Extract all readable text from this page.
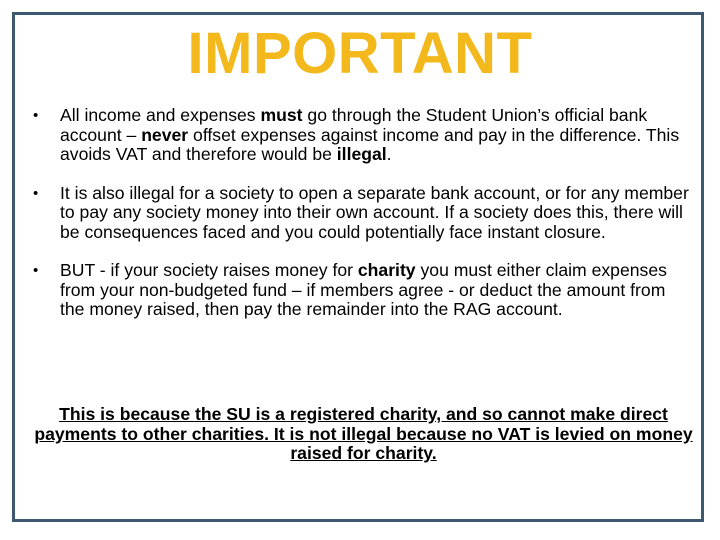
IMPORTANT
• All income and expenses must go through the Student Union’s official bank account – never offset expenses against income and pay in the difference. This avoids VAT and therefore would be illegal.
• It is also illegal for a society to open a separate bank account, or for any member to pay any society money into their own account. If a society does this, there will be consequences faced and you could potentially face instant closure.
• BUT - if your society raises money for charity you must either claim expenses from your non-budgeted fund – if members agree - or deduct the amount from the money raised, then pay the remainder into the RAG account.
This is because the SU is a registered charity, and so cannot make direct payments to other charities. It is not illegal because no VAT is levied on money raised for charity.
